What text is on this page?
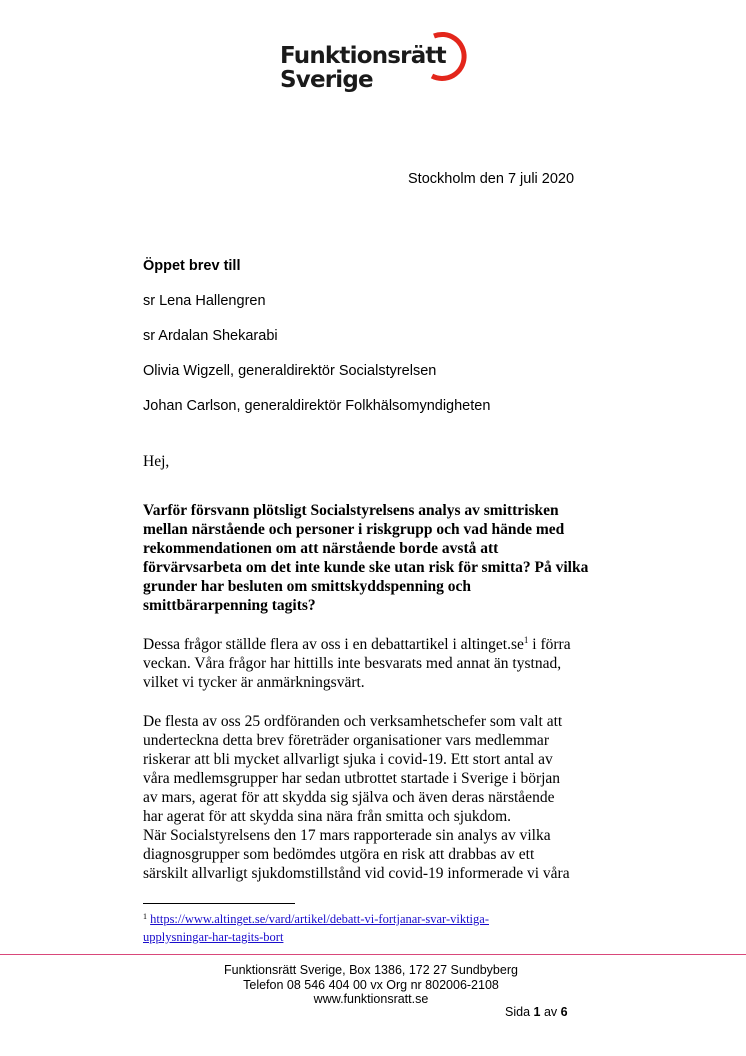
Funktionsrätt
Sverige
Stockholm den 7 juli 2020
Öppet brev till
sr Lena Hallengren
sr Ardalan Shekarabi
Olivia Wigzell, generaldirektör Socialstyrelsen
Johan Carlson, generaldirektör Folkhälsomyndigheten
Hej,
Varför försvann plötsligt Socialstyrelsens analys av smittrisken
mellan närstående och personer i riskgrupp och vad hände med
rekommendationen om att närstående borde avstå att
förvärvsarbeta om det inte kunde ske utan risk för smitta? På vilka
grunder har besluten om smittskyddspenning och
smittbärarpenning tagits?
Dessa frågor ställde flera av oss i en debattartikel i $altinget.se^1$ i förra
veckan. Våra frågor har hittills inte besvarats med annat än tystnad,
vilket vi tycker är anmärkningsvärt.
De flesta av oss 25 ordföranden och verksamhetschefer som valt att
underteckna detta brev företräder organisationer vars medlemmar
riskerar att bli mycket allvarligt sjuka i covid-19. Ett stort antal av
våra medlemsgrupper har sedan utbrottet startade i Sverige i början
av mars, agerat för att skydda sig själva och även deras närstående
har agerat för att skydda sina nära från smitta och sjukdom.
När Socialstyrelsens den 17 mars rapporterade sin analys av vilka
diagnosgrupper som bedömdes utgöra en risk att drabbas av ett
särskilt allvarligt sjukdomstillstånd vid covid-19 informerade vi våra
$^1$ https://www.altinget.se/vard/artikel/debatt-vi-fortjanar-svar-viktiga-
upplysningar-har-tagits-bort
Funktionsrätt Sverige, Box 1386, 172 27 Sundbyberg
Telefon 08 546 404 00 vx Org nr 802006-2108
www.funktionsratt.se
Sida 1 av 6
